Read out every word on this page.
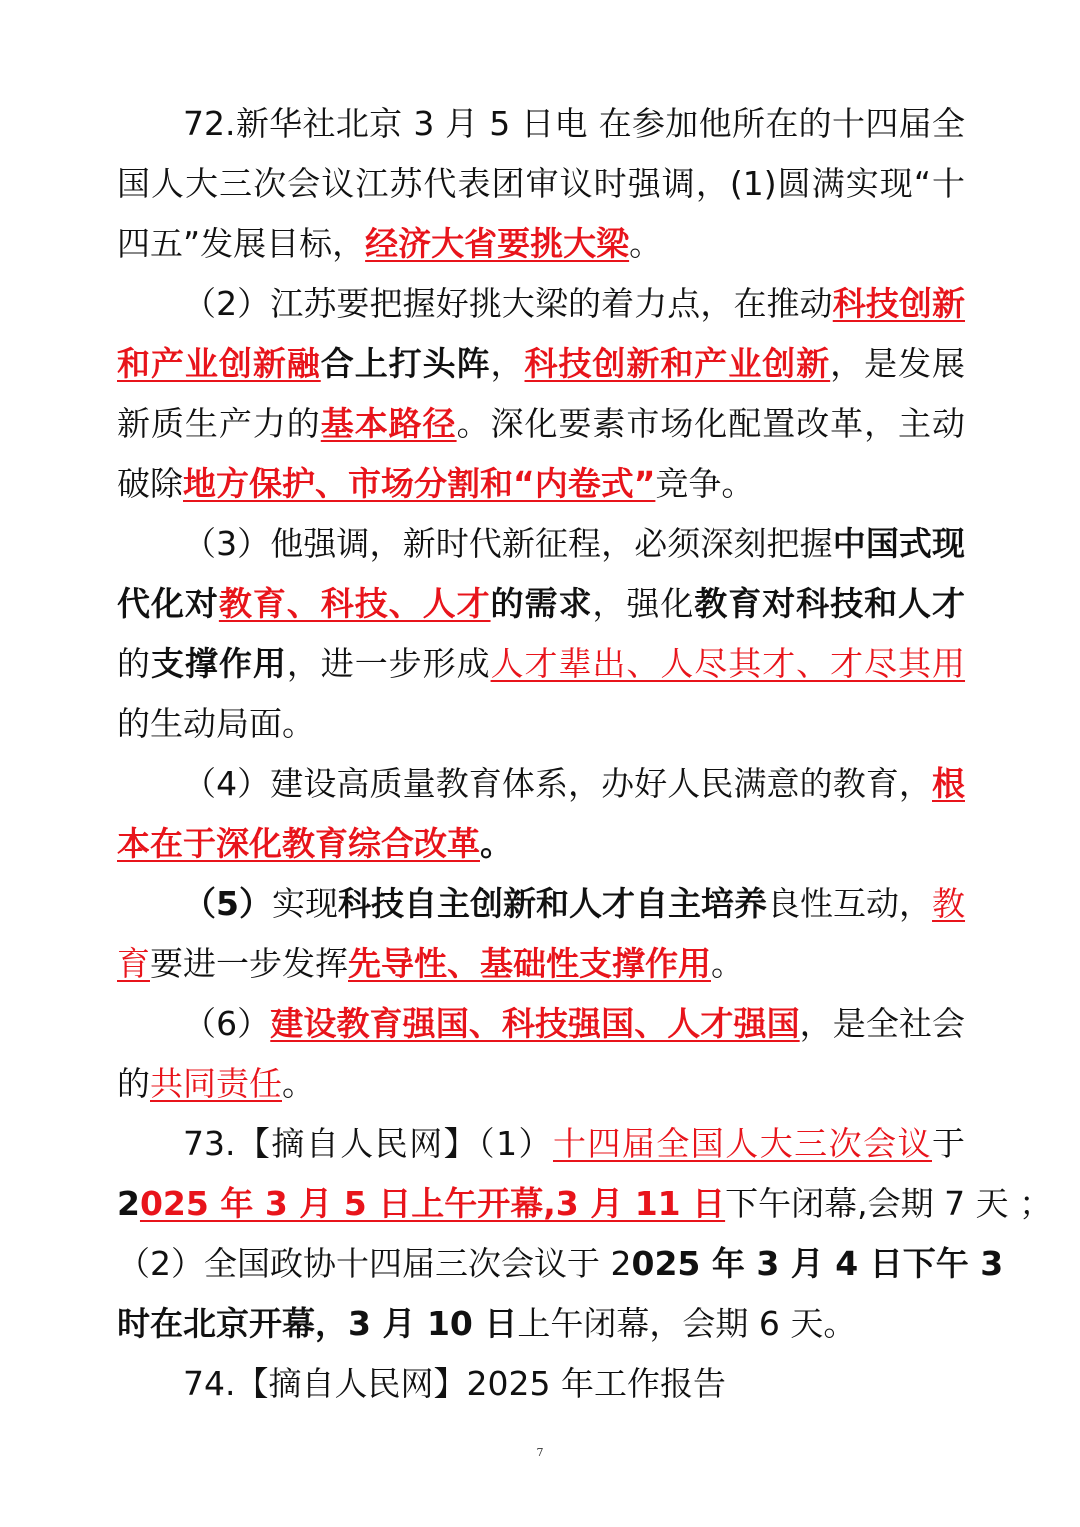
72.新华社北京 3 月 5 日电 在参加他所在的十四届全
国人大三次会议江苏代表团审议时强调，(1)圆满实现“十
四五”发展目标，经济大省要挑大梁。
（2）江苏要把握好挑大梁的着力点，在推动科技创新
和产业创新融合上打头阵，科技创新和产业创新，是发展
新质生产力的基本路径。深化要素市场化配置改革，主动
破除地方保护、市场分割和“内卷式”竞争。
（3）他强调，新时代新征程，必须深刻把握中国式现
代化对教育、科技、人才的需求，强化教育对科技和人才
的支撑作用，进一步形成人才辈出、人尽其才、才尽其用
的生动局面。
（4）建设高质量教育体系，办好人民满意的教育，根
本在于深化教育综合改革。
（5）实现科技自主创新和人才自主培养良性互动，教
育要进一步发挥先导性、基础性支撑作用。
（6）建设教育强国、科技强国、人才强国，是全社会
的共同责任。
73.【摘自人民网】（1）十四届全国人大三次会议于
2025 年 3 月 5 日上午开幕,3 月 11 日下午闭幕,会期 7 天 ；
（2）全国政协十四届三次会议于 2025 年 3 月 4 日下午 3
时在北京开幕，3 月 10 日上午闭幕，会期 6 天。
74.【摘自人民网】2025 年工作报告
7
